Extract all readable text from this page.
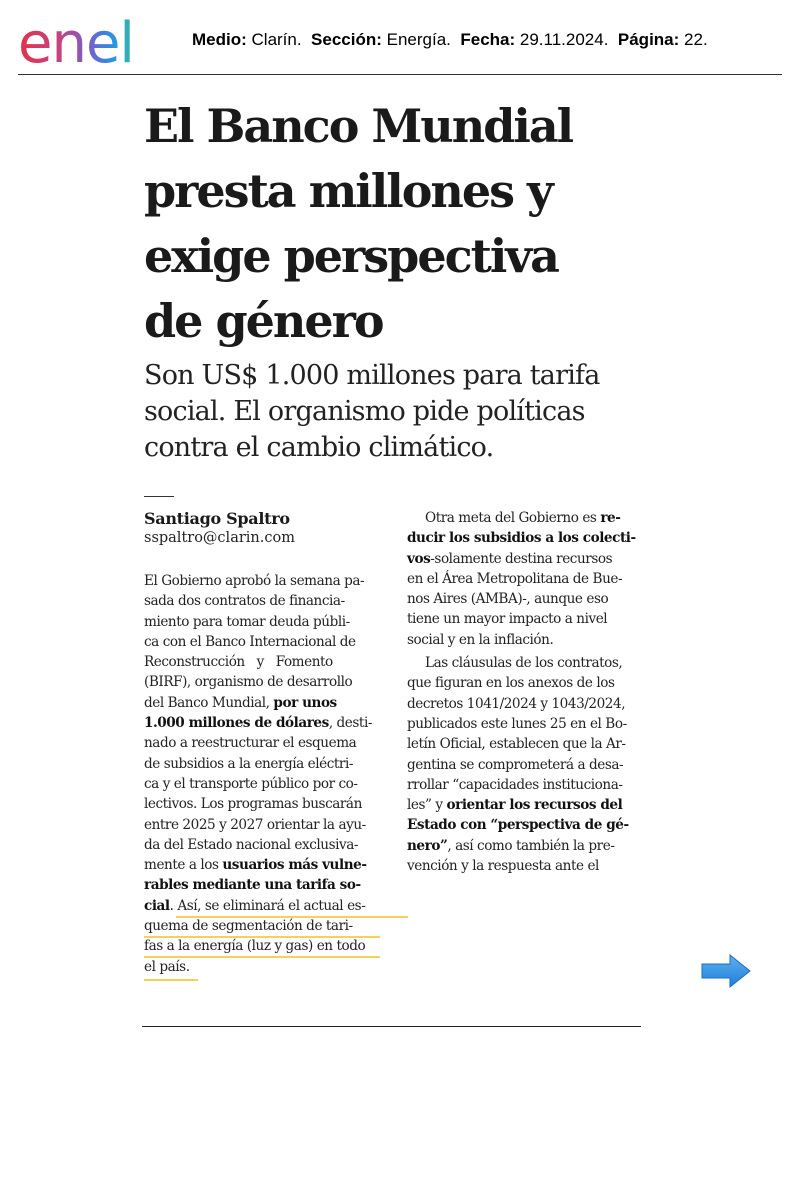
enel	Medio: Clarín. Sección: Energía. Fecha: 29.11.2024. Página: 22.
El Banco Mundial
presta millones y
exige perspectiva
de género
Son US$ 1.000 millones para tarifa
social. El organismo pide políticas
contra el cambio climático.
Santiago Spaltro
sspaltro@clarin.com
El Gobierno aprobó la semana pa-
sada dos contratos de financia-
miento para tomar deuda públi-
ca con el Banco Internacional de
Reconstrucción y Fomento
(BIRF), organismo de desarrollo
del Banco Mundial, por unos
1.000 millones de dólares, desti-
nado a reestructurar el esquema
de subsidios a la energía eléctri-
ca y el transporte público por co-
lectivos. Los programas buscarán
entre 2025 y 2027 orientar la ayu-
da del Estado nacional exclusiva-
mente a los usuarios más vulne-
rables mediante una tarifa so-
cial. Así, se eliminará el actual es-
quema de segmentación de tari-
fas a la energía (luz y gas) en todo
el país.
Otra meta del Gobierno es re-
ducir los subsidios a los colecti-
vos-solamente destina recursos
en el Área Metropolitana de Bue-
nos Aires (AMBA)-, aunque eso
tiene un mayor impacto a nivel
social y en la inflación.
Las cláusulas de los contratos,
que figuran en los anexos de los
decretos 1041/2024 y 1043/2024,
publicados este lunes 25 en el Bo-
letín Oficial, establecen que la Ar-
gentina se comprometerá a desa-
rrollar “capacidades instituciona-
les” y orientar los recursos del
Estado con “perspectiva de gé-
nero”, así como también la pre-
vención y la respuesta ante el
